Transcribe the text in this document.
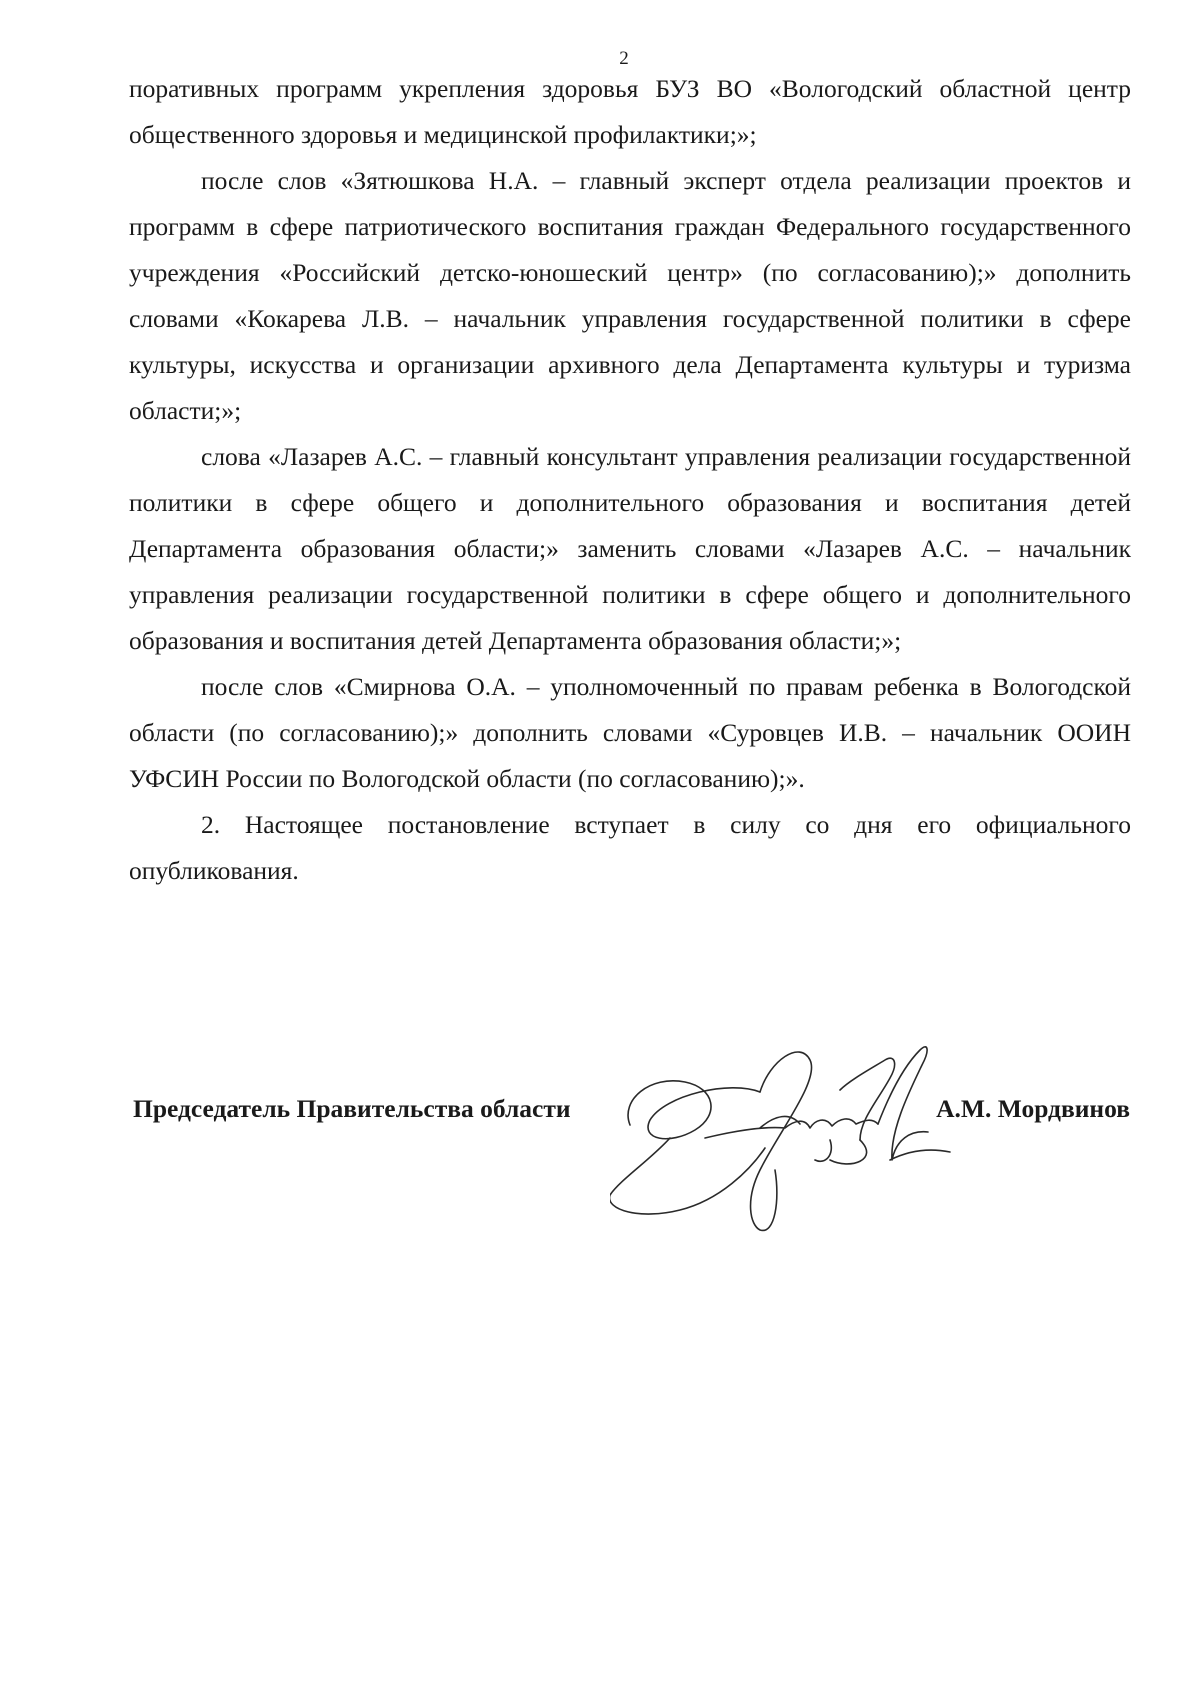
2

поративных программ укрепления здоровья БУЗ ВО «Вологодский областной центр общественного здоровья и медицинской профилактики;»;

после слов «Зятюшкова Н.А. – главный эксперт отдела реализации проектов и программ в сфере патриотического воспитания граждан Федерального государственного учреждения «Российский детско-юношеский центр» (по согласованию);» дополнить словами «Кокарева Л.В. – начальник управления государственной политики в сфере культуры, искусства и организации архивного дела Департамента культуры и туризма области;»;

слова «Лазарев А.С. – главный консультант управления реализации государственной политики в сфере общего и дополнительного образования и воспитания детей Департамента образования области;» заменить словами «Лазарев А.С. – начальник управления реализации государственной политики в сфере общего и дополнительного образования и воспитания детей Департамента образования области;»;

после слов «Смирнова О.А. – уполномоченный по правам ребенка в Вологодской области (по согласованию);» дополнить словами «Суровцев И.В. – начальник ООИН УФСИН России по Вологодской области (по согласованию);».

2. Настоящее постановление вступает в силу со дня его официального опубликования.

Председатель Правительства области	А.М. Мордвинов
